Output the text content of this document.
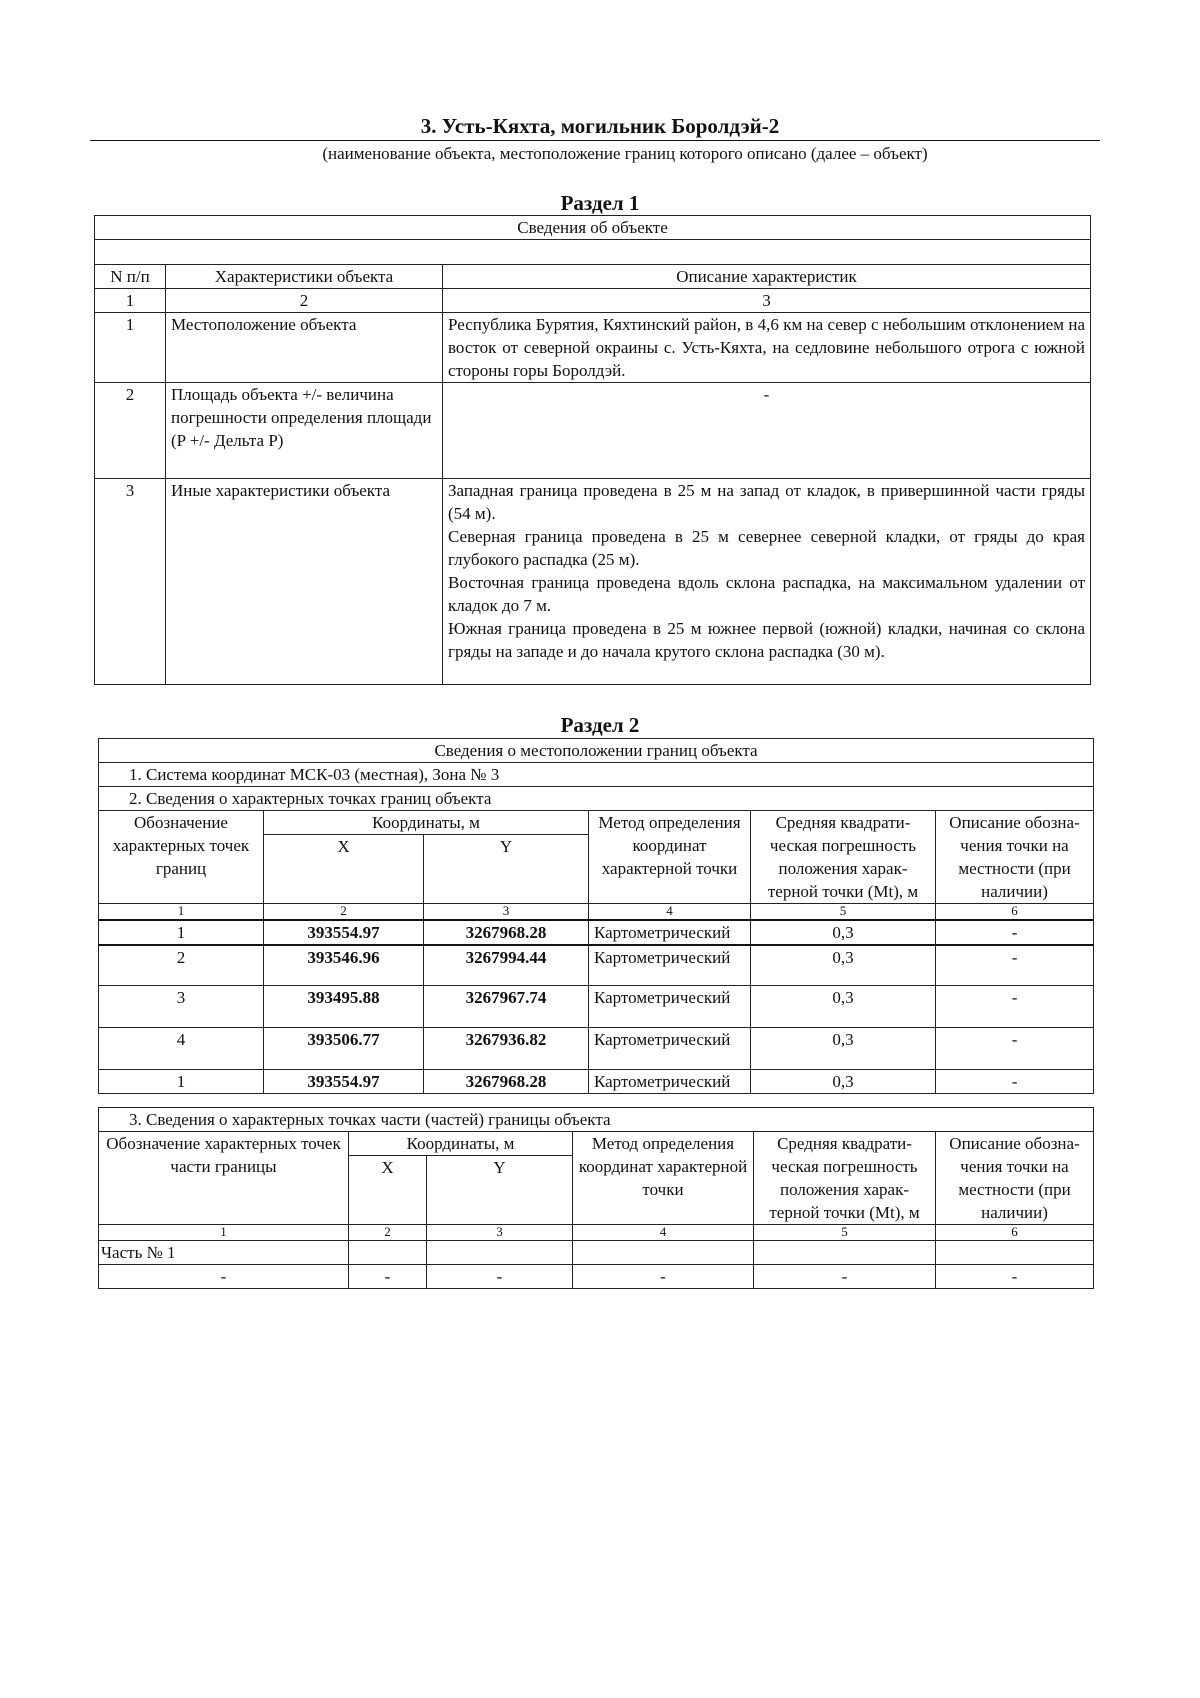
3. Усть-Кяхта, могильник Боролдэй-2
(наименование объекта, местоположение границ которого описано (далее – объект)
Раздел 1
Сведения об объекте		

N п/п	Характеристики объекта	Описание характеристик
1	2	3
1	Местоположение объекта	Республика Бурятия, Кяхтинский район, в 4,6 км на север с небольшим отклонением на восток от северной окраины с. Усть-Кяхта, на седловине небольшого отрога с южной стороны горы Боролдэй.
2	Площадь объекта +/- величина погрешности определения площади (P +/- Дельта P)	-
3	Иные характеристики объекта	Западная граница проведена в 25 м на запад от кладок, в привершинной части гряды (54 м).
Северная граница проведена в 25 м севернее северной кладки, от гряды до края глубокого распадка (25 м).
Восточная граница проведена вдоль склона распадка, на максимальном удалении от кладок до 7 м.
Южная граница проведена в 25 м южнее первой (южной) кладки, начиная со склона гряды на западе и до начала крутого склона распадка (30 м).
Раздел 2
Сведения о местоположении границ объекта					
1. Система координат МСК-03 (местная), Зона № 3					
2. Сведения о характерных точках границ объекта					
Обозначение характерных точек границ	Координаты, м		Метод определения координат характерной точки	Средняя квадрати- ческая погрешность положения харак- терной точки (Mt), м	Описание обозна- чения точки на местности (при наличии)
	X	Y			
1	2	3	4	5	6
1	393554.97	3267968.28	Картометрический	0,3	-
2	393546.96	3267994.44	Картометрический	0,3	-
3	393495.88	3267967.74	Картометрический	0,3	-
4	393506.77	3267936.82	Картометрический	0,3	-
1	393554.97	3267968.28	Картометрический	0,3	-
3. Сведения о характерных точках части (частей) границы объекта					
Обозначение характерных точек части границы	Координаты, м		Метод определения координат характерной точки	Средняя квадрати- ческая погрешность положения харак- терной точки (Mt), м	Описание обозна- чения точки на местности (при наличии)
	X	Y			
1	2	3	4	5	6
Часть № 1					
-	-	-	-	-	-
